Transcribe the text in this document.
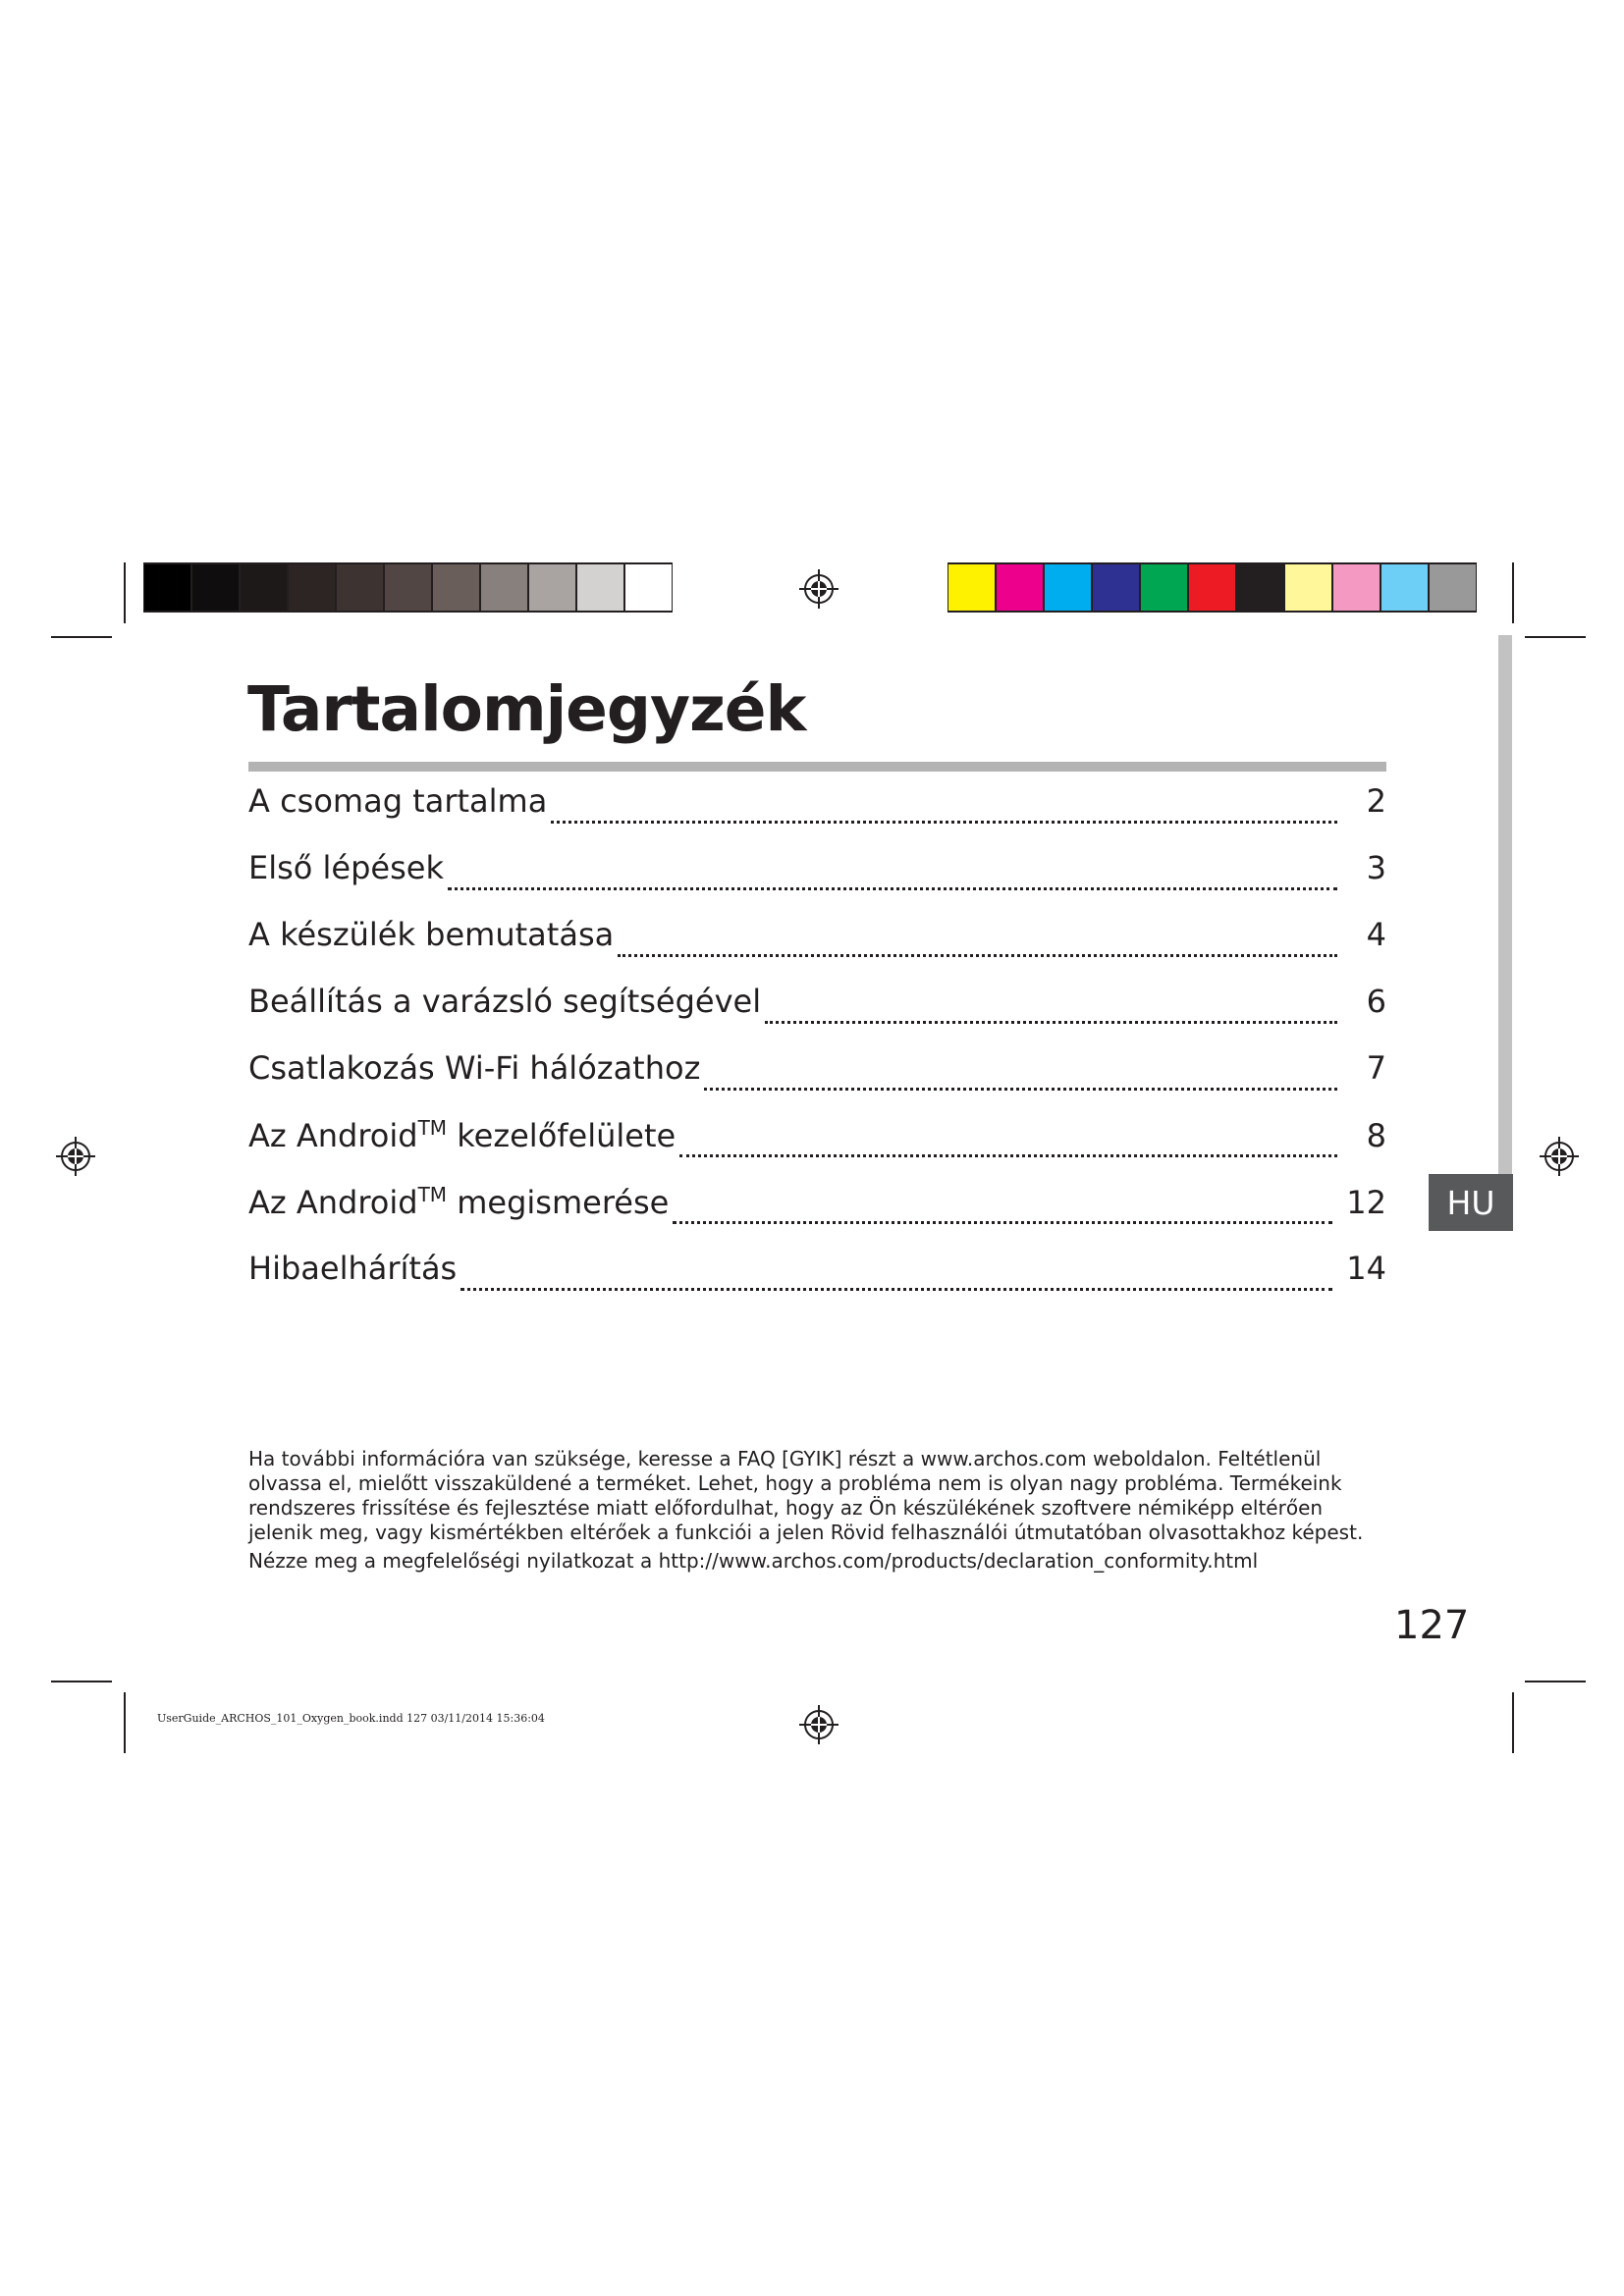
HU
Tartalomjegyzék
A csomag tartalma	2
Első lépések	3
A készülék bemutatása	4
Beállítás a varázsló segítségével	6
Csatlakozás Wi-Fi hálózathoz	7
Az Android™ kezelőfelülete	8
Az Android™ megismerése	12
Hibaelhárítás	14

Ha további információra van szüksége, keresse a FAQ [GYIK] részt a www.archos.com weboldalon. Feltétlenül olvassa el, mielőtt visszaküldené a terméket. Lehet, hogy a probléma nem is olyan nagy probléma. Termékeink rendszeres frissítése és fejlesztése miatt előfordulhat, hogy az Ön készülékének szoftvere némiképp eltérően jelenik meg, vagy kismértékben eltérőek a funkciói a jelen Rövid felhasználói útmutatóban olvasottakhoz képest.

Nézze meg a megfelelőségi nyilatkozat a http://www.archos.com/products/declaration_conformity.html

127
UserGuide_ARCHOS_101_Oxygen_book.indd 127 03/11/2014 15:36:04
